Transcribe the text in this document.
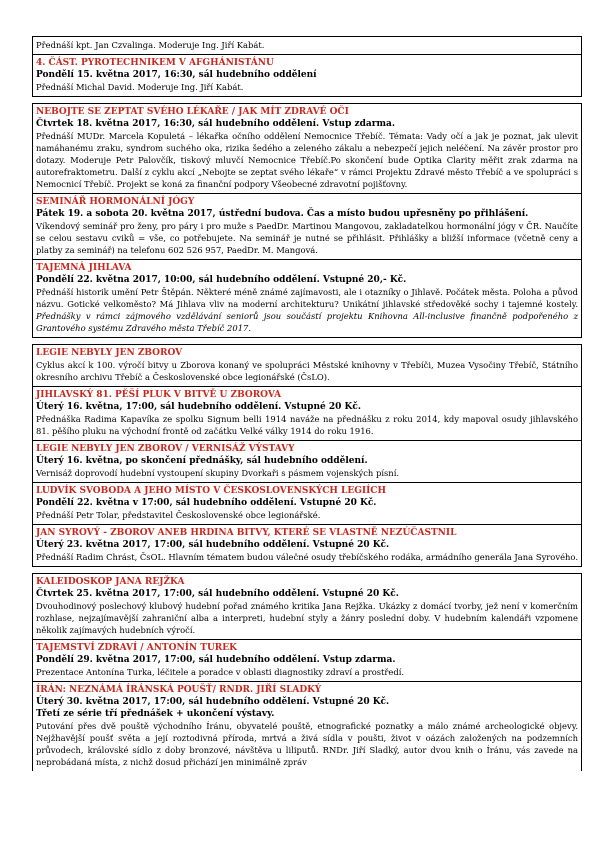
Přednáší kpt. Jan Czvalinga. Moderuje Ing. Jiří Kabát.
4. ČÁST. PYROTECHNIKEM V AFGHÁNISTÁNU
Pondělí 15. května 2017, 16:30, sál hudebního oddělení
Přednáší Michal David. Moderuje Ing. Jiří Kabát.
NEBOJTE SE ZEPTAT SVÉHO LÉKAŘE / JAK MÍT ZDRAVÉ OČI
Čtvrtek 18. května 2017, 16:30, sál hudebního oddělení. Vstup zdarma.
Přednáší MUDr. Marcela Kopuletá – lékařka očního oddělení Nemocnice Třebíč. Témata: Vady očí a jak je poznat, jak ulevit namáhanému zraku, syndrom suchého oka, rizika šedého a zeleného zákalu a nebezpečí jejich neléčení. Na závěr prostor pro dotazy. Moderuje Petr Palovčík, tiskový mluvčí Nemocnice Třebíč.Po skončení bude Optika Clarity měřit zrak zdarma na autorefraktometru. Další z cyklu akcí „Nebojte se zeptat svého lékaře“ v rámci Projektu Zdravé město Třebíč a ve spolupráci s Nemocnicí Třebíč. Projekt se koná za finanční podpory Všeobecné zdravotní pojišťovny.
SEMINÁŘ HORMONÁLNÍ JÓGY
Pátek 19. a sobota 20. května 2017, ústřední budova. Čas a místo budou upřesněny po přihlášení.
Víkendový seminář pro ženy, pro páry i pro muže s PaedDr. Martinou Mangovou, zakladatelkou hormonální jógy v ČR. Naučíte se celou sestavu cviků = vše, co potřebujete. Na seminář je nutné se přihlásit. Přihlášky a bližší informace (včetně ceny a platby za seminář) na telefonu 602 526 957, PaedDr. M. Mangová.
TAJEMNÁ JIHLAVA
Pondělí 22. května 2017, 10:00, sál hudebního oddělení. Vstupné 20,- Kč.
Přednáší historik umění Petr Štěpán. Některé méně známé zajímavosti, ale i otazníky o Jihlavě. Počátek města. Poloha a původ názvu. Gotické velkoměsto? Má Jihlava vliv na moderní architekturu? Unikátní jihlavské středověké sochy i tajemné kostely. Přednášky v rámci zájmového vzdělávání seniorů jsou součástí projektu Knihovna All-inclusive finančně podpořeného z Grantového systému Zdravého města Třebíč 2017.
LEGIE NEBYLY JEN ZBOROV
Cyklus akcí k 100. výročí bitvy u Zborova konaný ve spolupráci Městské knihovny v Třebíči, Muzea Vysočiny Třebíč, Státního okresního archivu Třebíč a Československé obce legionářské (ČsLO).
JIHLAVSKÝ 81. PĚŠÍ PLUK V BITVĚ U ZBOROVA
Úterý 16. května, 17:00, sál hudebního oddělení. Vstupné 20 Kč.
Přednáška Radima Kapavíka ze spolku Signum belli 1914 naváže na přednášku z roku 2014, kdy mapoval osudy jihlavského 81. pěšího pluku na východní frontě od začátku Velké války 1914 do roku 1916.
LEGIE NEBYLY JEN ZBOROV / VERNISÁŽ VÝSTAVY
Úterý 16. května, po skončení přednášky, sál hudebního oddělení.
Vernisáž doprovodí hudební vystoupení skupiny Dvorkaři s pásmem vojenských písní.
LUDVÍK SVOBODA A JEHO MÍSTO V ČESKOSLOVENSKÝCH LEGIÍCH
Pondělí 22. května v 17:00, sál hudebního oddělení. Vstupné 20 Kč.
Přednáší Petr Tolar, představitel Československé obce legionářské.
JAN SYROVÝ - ZBOROV ANEB HRDINA BITVY, KTERÉ SE VLASTNĚ NEZÚČASTNIL
Úterý 23. května 2017, 17:00, sál hudebního oddělení. Vstupné 20 Kč.
Přednáší Radim Chrást, ČsOL. Hlavním tématem budou válečné osudy třebíčského rodáka, armádního generála Jana Syrového.
KALEIDOSKOP JANA REJŽKA
Čtvrtek 25. května 2017, 17:00, sál hudebního oddělení. Vstupné 20 Kč.
Dvouhodinový poslechový klubový hudební pořad známého kritika Jana Rejžka. Ukázky z domácí tvorby, jež není v komerčním rozhlase, nejzajímavější zahraniční alba a interpreti, hudební styly a žánry poslední doby. V hudebním kalendáři vzpomene několik zajímavých hudebních výročí.
TAJEMSTVÍ ZDRAVÍ / ANTONÍN TUREK
Pondělí 29. května 2017, 17:00, sál hudebního oddělení. Vstup zdarma.
Prezentace Antonína Turka, léčitele a poradce v oblasti diagnostiky zdraví a prostředí.
ÍRÁN: NEZNÁMÁ ÍRÁNSKÁ POUŠŤ/ RNDR. JIŘÍ SLADKÝ
Úterý 30. května 2017, 17:00, sál hudebního oddělení. Vstupné 20 Kč.
Třetí ze série tří přednášek + ukončení výstavy.
Putování přes dvě pouště východního Íránu, obyvatelé pouště, etnografické poznatky a málo známé archeologické objevy. Nejžhavější poušť světa a její roztodivná příroda, mrtvá a živá sídla v poušti, život v oázách založených na podzemních průvodech, královské sídlo z doby bronzové, návštěva u liliputů. RNDr. Jiří Sladký, autor dvou knih o Íránu, vás zavede na neprobádaná místa, z nichž dosud přichází jen minimálně zpráv
